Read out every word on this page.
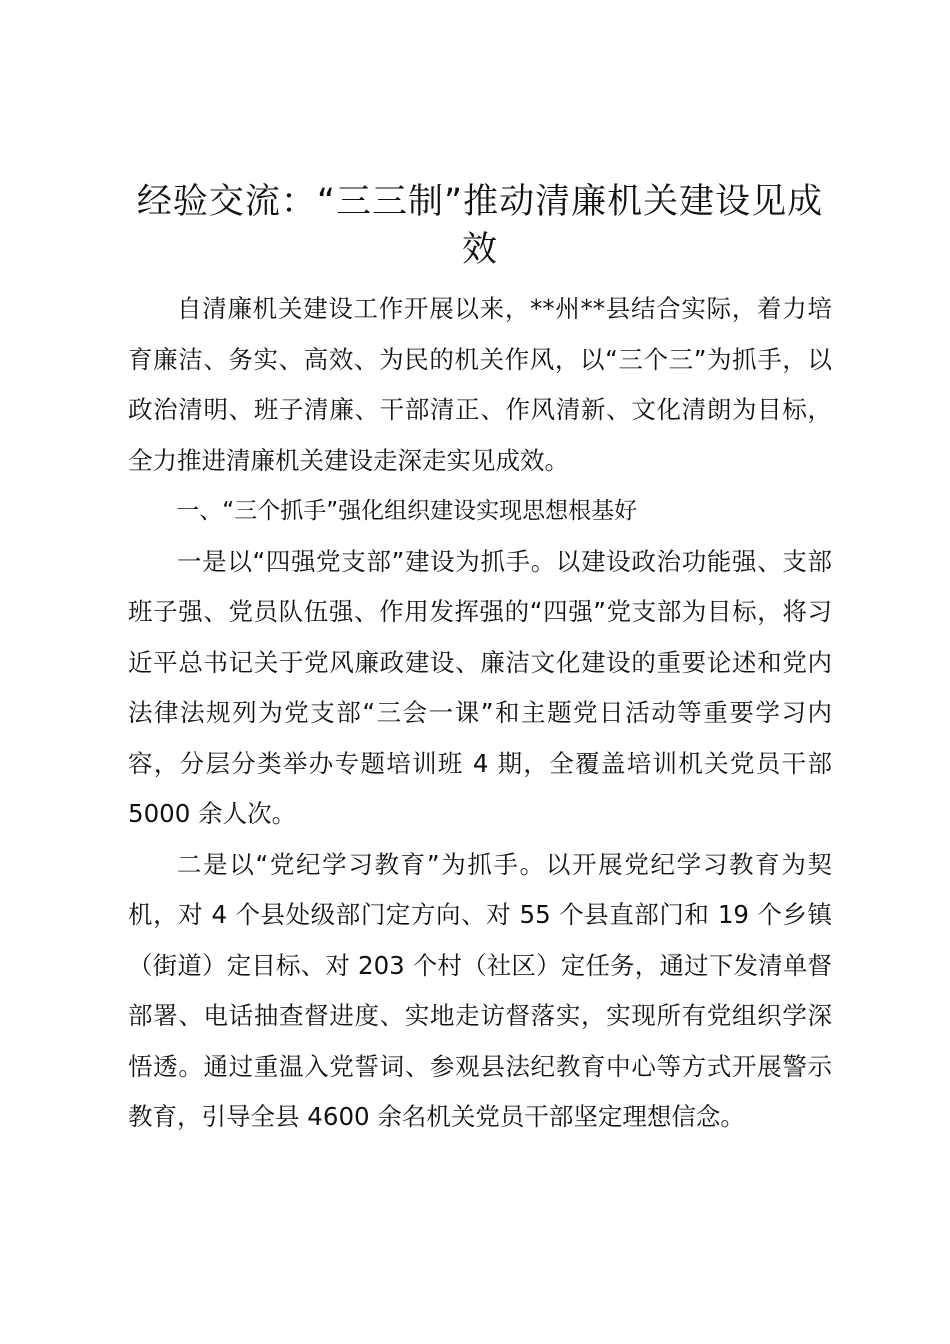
经验交流：“三三制”推动清廉机关建设见成效

自清廉机关建设工作开展以来，**州**县结合实际，着力培育廉洁、务实、高效、为民的机关作风，以“三个三”为抓手，以政治清明、班子清廉、干部清正、作风清新、文化清朗为目标，全力推进清廉机关建设走深走实见成效。

一、“三个抓手”强化组织建设实现思想根基好

一是以“四强党支部”建设为抓手。以建设政治功能强、支部班子强、党员队伍强、作用发挥强的“四强”党支部为目标，将习近平总书记关于党风廉政建设、廉洁文化建设的重要论述和党内法律法规列为党支部“三会一课”和主题党日活动等重要学习内容，分层分类举办专题培训班 4 期，全覆盖培训机关党员干部 5000 余人次。

二是以“党纪学习教育”为抓手。以开展党纪学习教育为契机，对 4 个县处级部门定方向、对 55 个县直部门和 19 个乡镇（街道）定目标、对 203 个村（社区）定任务，通过下发清单督部署、电话抽查督进度、实地走访督落实，实现所有党组织学深悟透。通过重温入党誓词、参观县法纪教育中心等方式开展警示教育，引导全县 4600 余名机关党员干部坚定理想信念。
